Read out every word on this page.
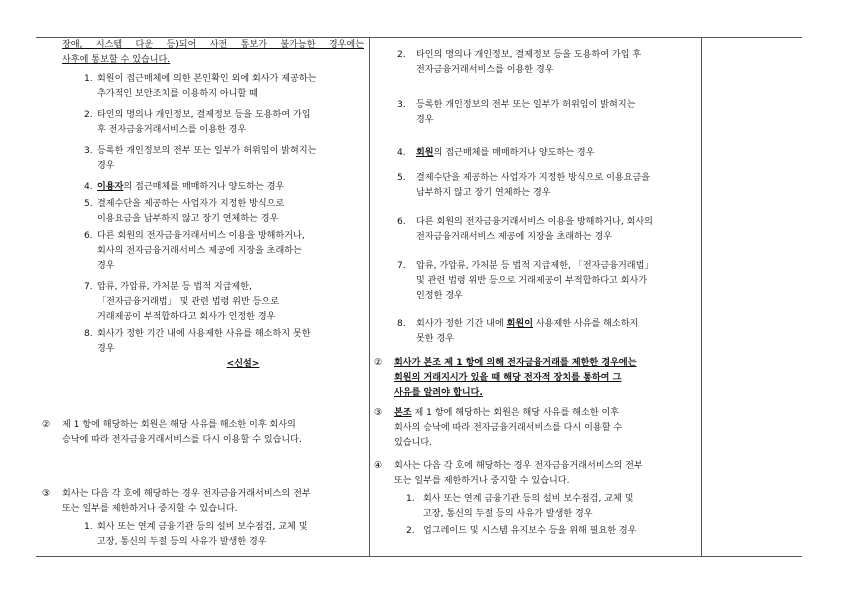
장애, 시스템 다운 등)되어 사전 통보가 불가능한 경우에는

사후에 통보할 수 있습니다.

1. 회원이 접근매체에 의한 본인확인 외에 회사가 제공하는

추가적인 보안조치를 이용하지 아니할 때

2. 타인의 명의나 개인정보, 결제정보 등을 도용하여 가입

후 전자금융거래서비스를 이용한 경우

3. 등록한 개인정보의 전부 또는 일부가 허위임이 밝혀지는

경우

4. 이용자의 접근매체를 매매하거나 양도하는 경우

5. 결제수단을 제공하는 사업자가 지정한 방식으로

이용요금을 납부하지 않고 장기 연체하는 경우

6. 다른 회원의 전자금융거래서비스 이용을 방해하거나,

회사의 전자금융거래서비스 제공에 지장을 초래하는

경우

7. 압류, 가압류, 가처분 등 법적 지급제한,

「전자금융거래법」 및 관련 법령 위반 등으로

거래제공이 부적합하다고 회사가 인정한 경우

8. 회사가 정한 기간 내에 사용제한 사유를 해소하지 못한

경우

<신설>

② 제 1 항에 해당하는 회원은 해당 사유를 해소한 이후 회사의

승낙에 따라 전자금융거래서비스를 다시 이용할 수 있습니다.

③ 회사는 다음 각 호에 해당하는 경우 전자금융거래서비스의 전부

또는 일부를 제한하거나 중지할 수 있습니다.

1. 회사 또는 연계 금융기관 등의 설비 보수점검, 교체 및

고장, 통신의 두절 등의 사유가 발생한 경우

2. 타인의 명의나 개인정보, 결제정보 등을 도용하여 가입 후

전자금융거래서비스를 이용한 경우

3. 등록한 개인정보의 전부 또는 일부가 허위임이 밝혀지는

경우

4. 회원의 접근매체를 매매하거나 양도하는 경우

5. 결제수단을 제공하는 사업자가 지정한 방식으로 이용요금을

납부하지 않고 장기 연체하는 경우

6. 다른 회원의 전자금융거래서비스 이용을 방해하거나, 회사의

전자금융거래서비스 제공에 지장을 초래하는 경우

7. 압류, 가압류, 가처분 등 법적 지급제한, 「전자금융거래법」

및 관련 법령 위반 등으로 거래제공이 부적합하다고 회사가

인정한 경우

8. 회사가 정한 기간 내에 회원이 사용제한 사유를 해소하지

못한 경우

② 회사가 본조 제 1 항에 의해 전자금융거래를 제한한 경우에는

회원의 거래지시가 있을 때 해당 전자적 장치를 통하여 그

사유를 알려야 합니다.

③ 본조 제 1 항에 해당하는 회원은 해당 사유를 해소한 이후

회사의 승낙에 따라 전자금융거래서비스를 다시 이용할 수

있습니다.

④ 회사는 다음 각 호에 해당하는 경우 전자금융거래서비스의 전부

또는 일부를 제한하거나 중지할 수 있습니다.

1. 회사 또는 연계 금융기관 등의 설비 보수점검, 교체 및

고장, 통신의 두절 등의 사유가 발생한 경우

2. 업그레이드 및 시스템 유지보수 등을 위해 필요한 경우
